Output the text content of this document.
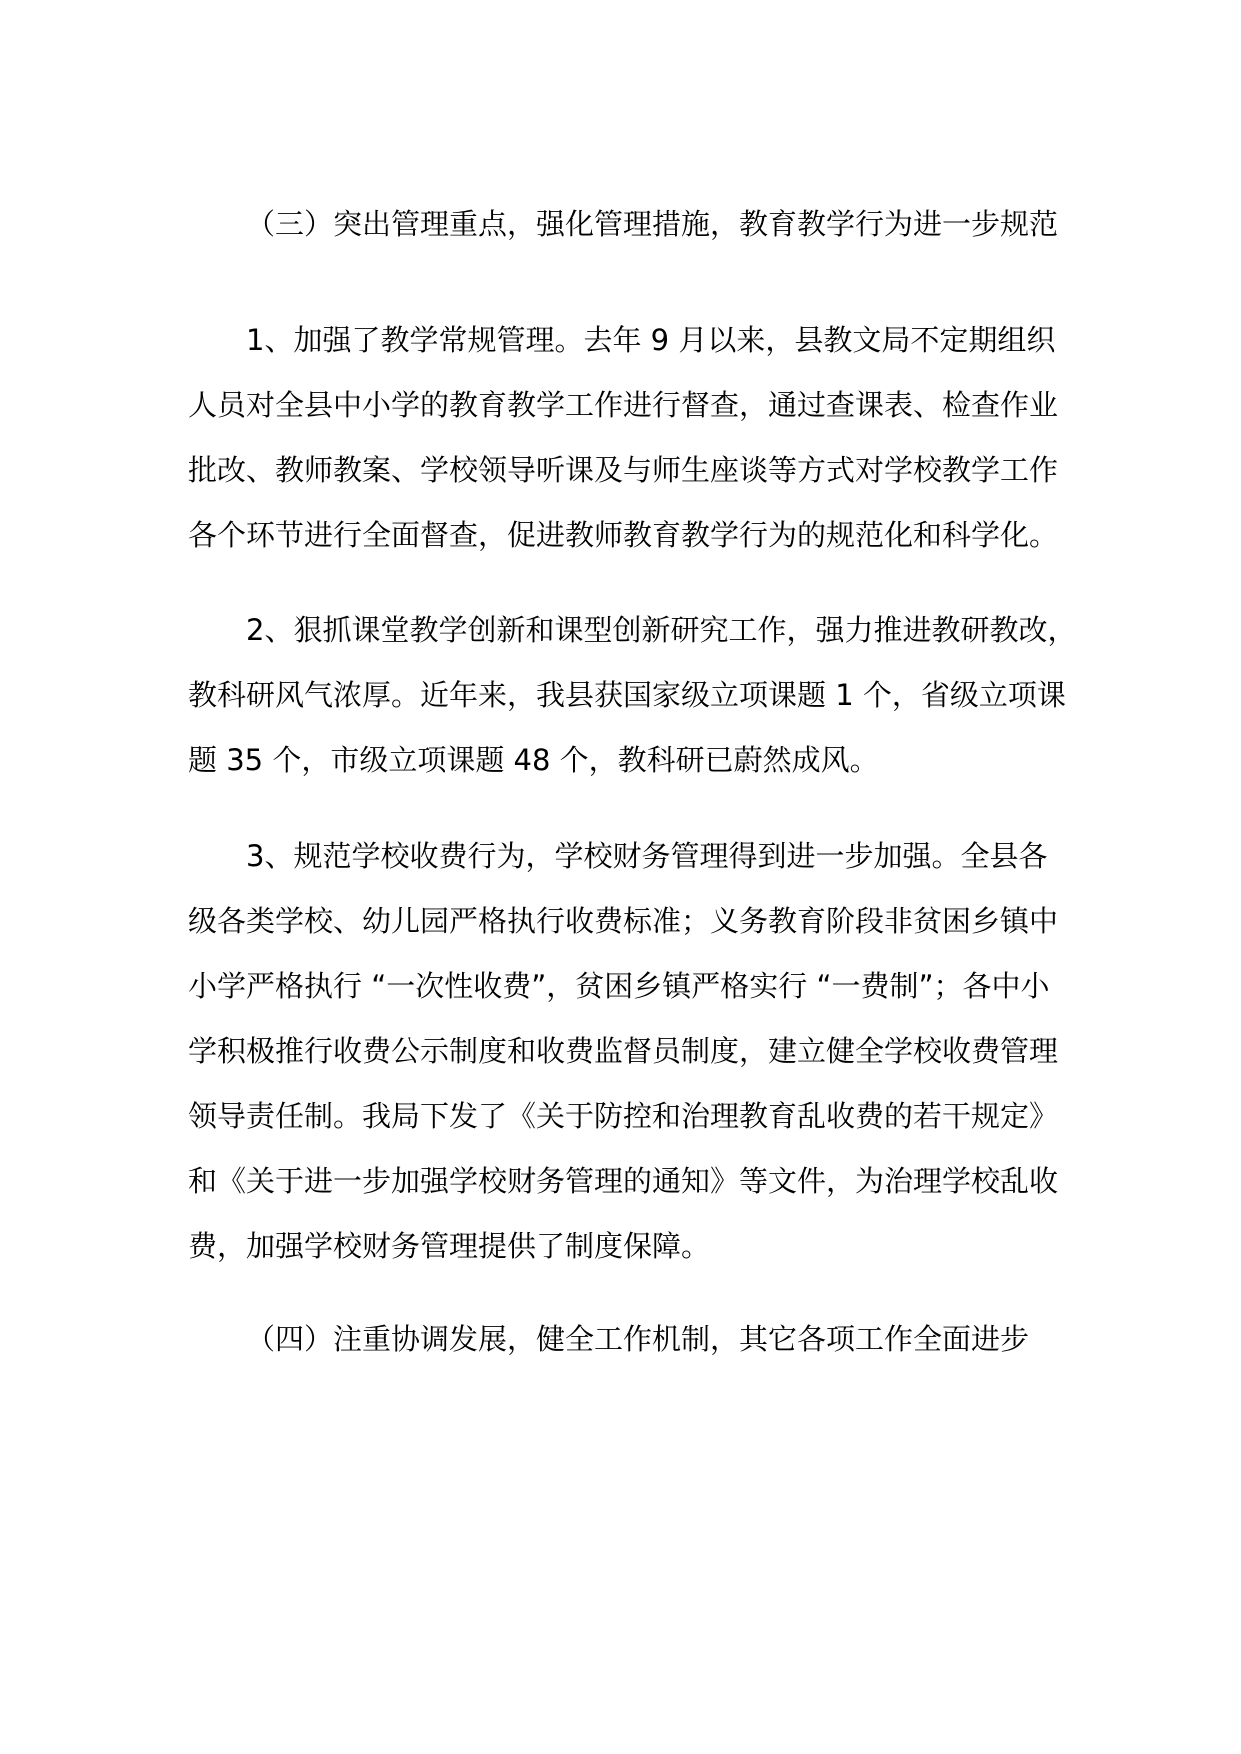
（三）突出管理重点，强化管理措施，教育教学行为进一步规范

1、加强了教学常规管理。去年 9 月以来，县教文局不定期组织
人员对全县中小学的教育教学工作进行督查，通过查课表、检查作业
批改、教师教案、学校领导听课及与师生座谈等方式对学校教学工作
各个环节进行全面督查，促进教师教育教学行为的规范化和科学化。

2、狠抓课堂教学创新和课型创新研究工作，强力推进教研教改，
教科研风气浓厚。近年来，我县获国家级立项课题 1 个，省级立项课
题 35 个，市级立项课题 48 个，教科研已蔚然成风。

3、规范学校收费行为，学校财务管理得到进一步加强。全县各
级各类学校、幼儿园严格执行收费标准；义务教育阶段非贫困乡镇中
小学严格执行 “一次性收费”，贫困乡镇严格实行 “一费制”；各中小
学积极推行收费公示制度和收费监督员制度，建立健全学校收费管理
领导责任制。我局下发了《关于防控和治理教育乱收费的若干规定》
和《关于进一步加强学校财务管理的通知》等文件，为治理学校乱收
费，加强学校财务管理提供了制度保障。

（四）注重协调发展，健全工作机制，其它各项工作全面进步
